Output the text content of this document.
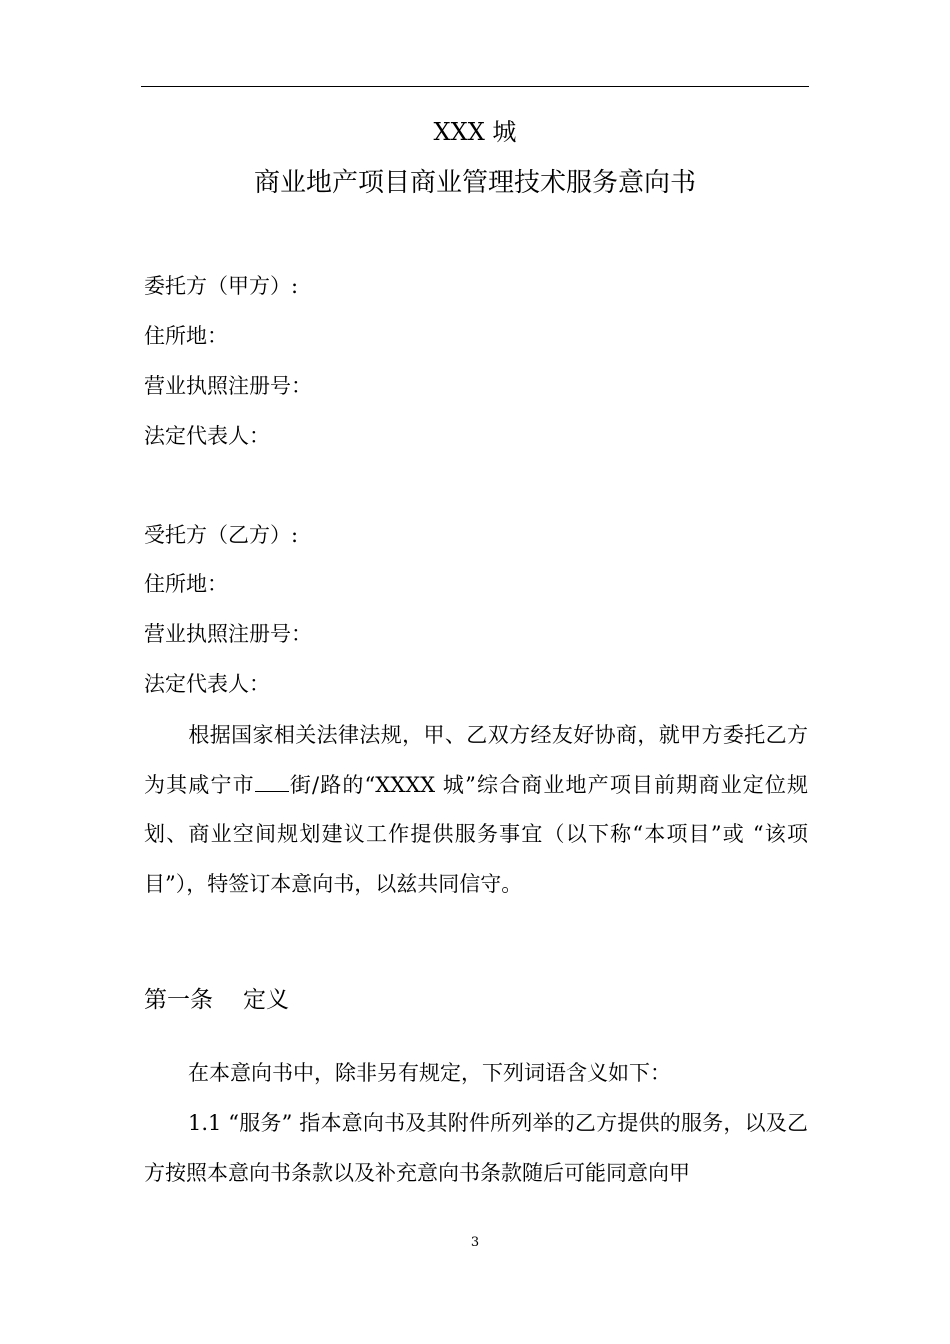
XXX 城
商业地产项目商业管理技术服务意向书
委托方（甲方）:
住所地：
营业执照注册号：
法定代表人：
受托方（乙方）:
住所地：
营业执照注册号：
法定代表人：
根据国家相关法律法规，甲、乙双方经友好协商，就甲方委托乙方为其咸宁市 街/路的“XXXX 城”综合商业地产项目前期商业定位规划、商业空间规划建议工作提供服务事宜（以下称“本项目”或 “该项目”），特签订本意向书，以兹共同信守。
第一条 定义
在本意向书中，除非另有规定，下列词语含义如下：
1.1 “服务” 指本意向书及其附件所列举的乙方提供的服务，以及乙方按照本意向书条款以及补充意向书条款随后可能同意向甲
3
